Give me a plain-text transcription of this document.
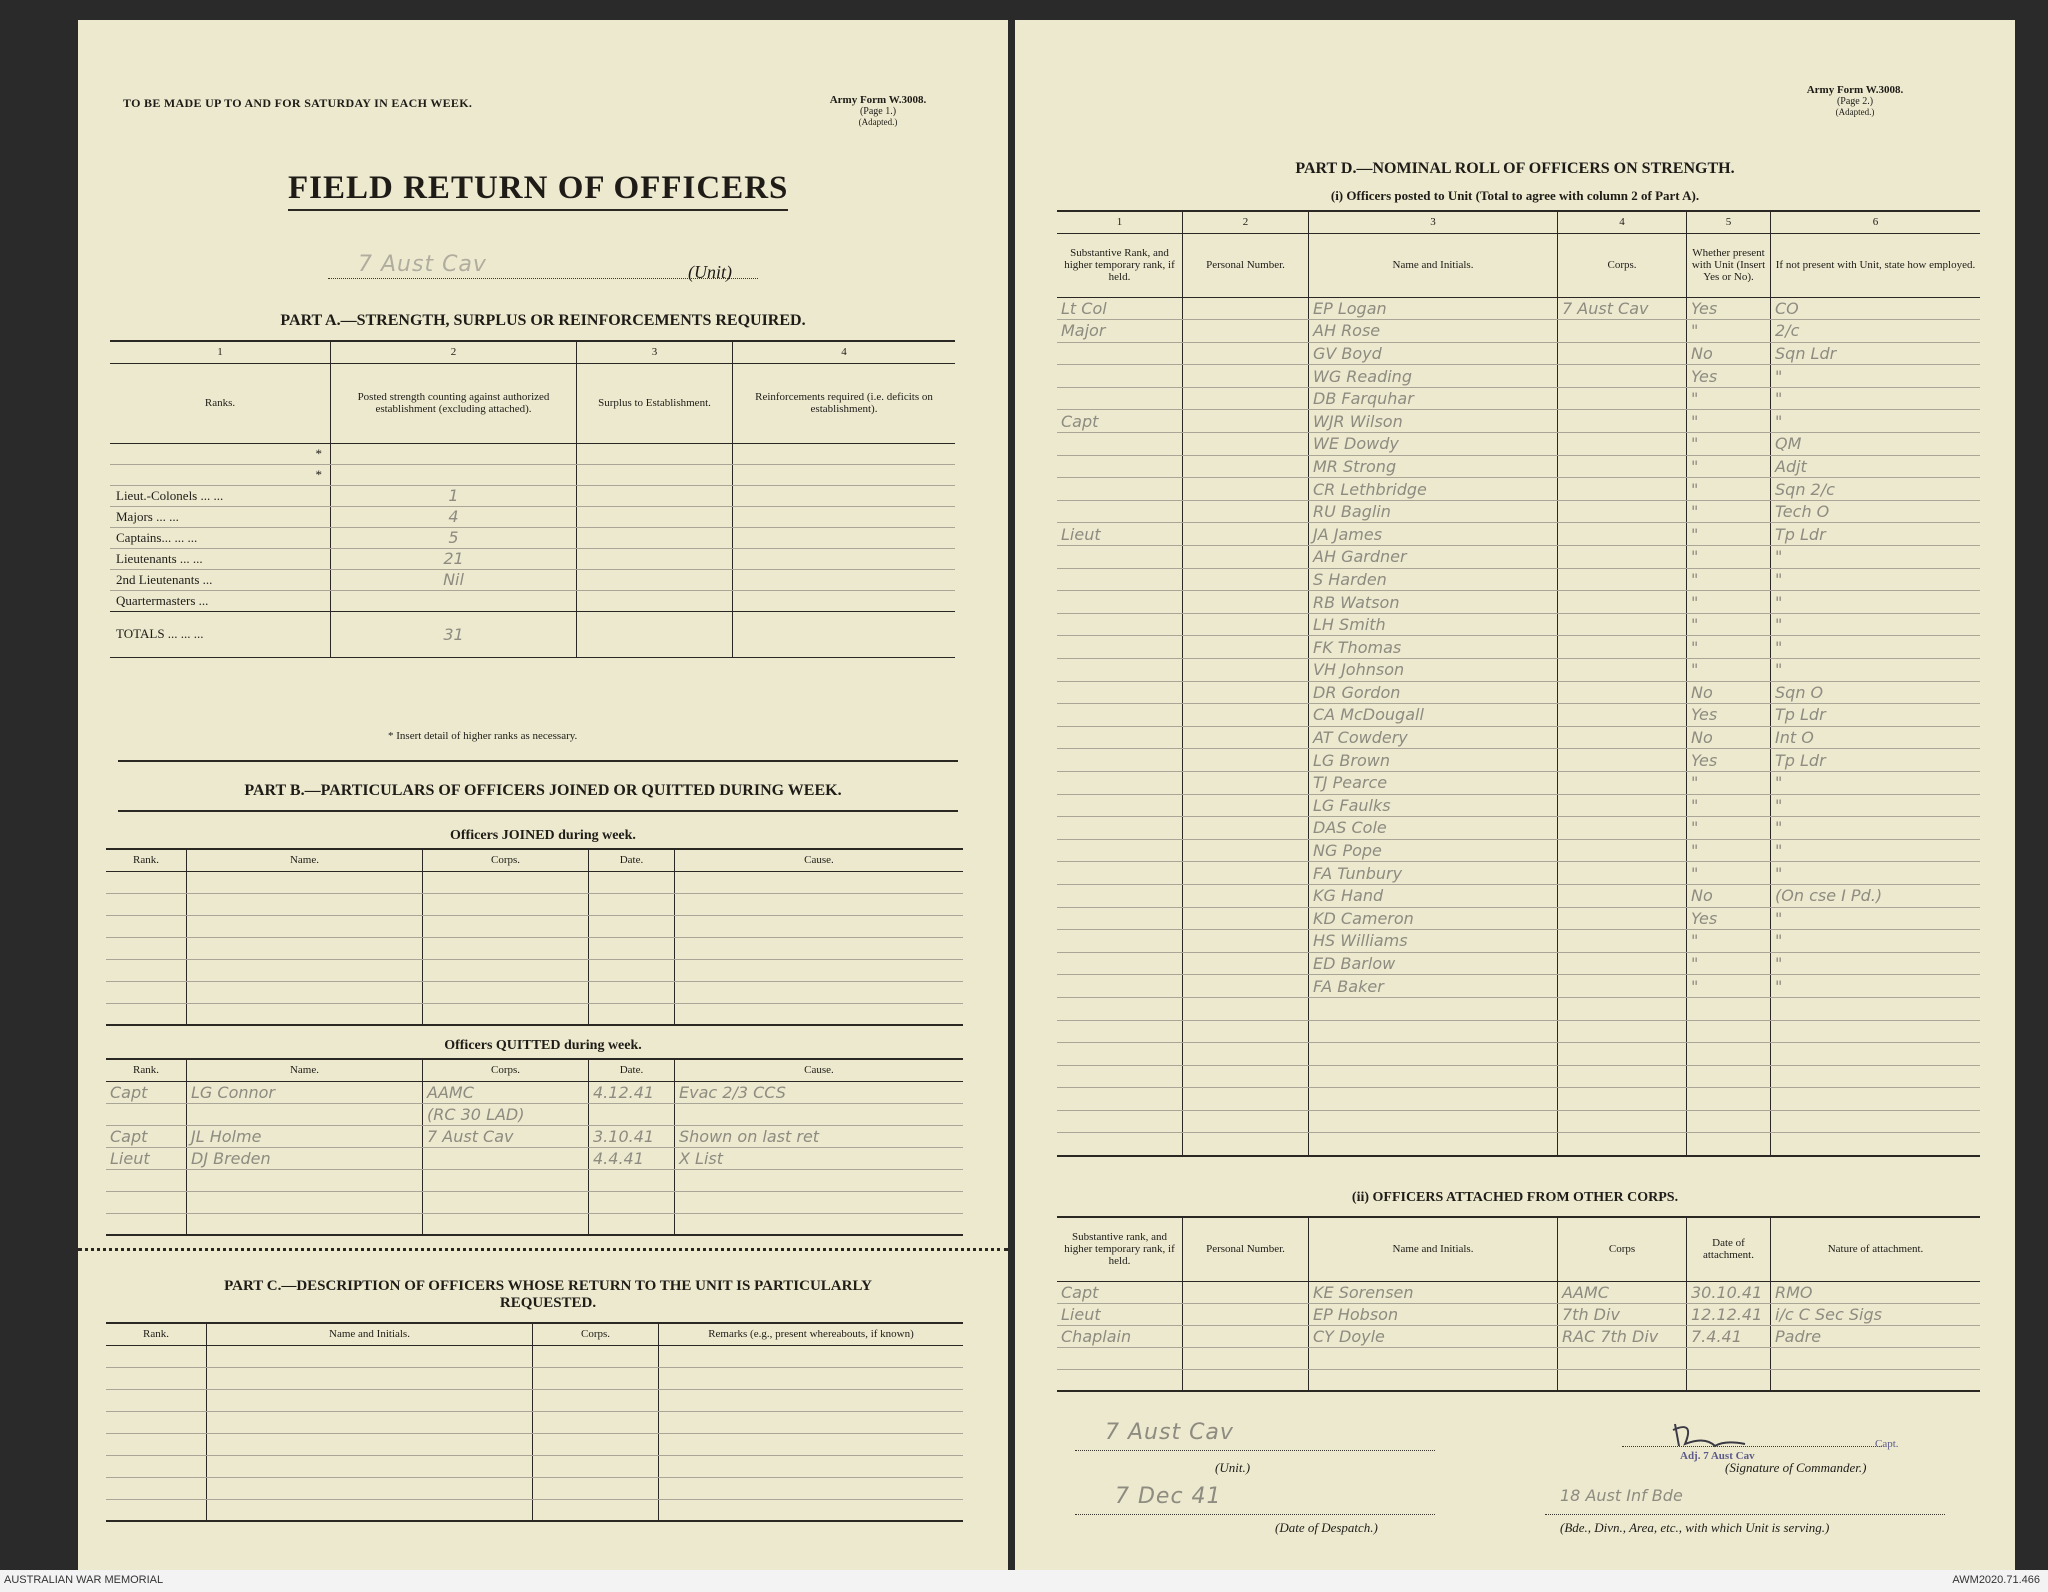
TO BE MADE UP TO AND FOR SATURDAY IN EACH WEEK.	Army Form W.3008.
(Page 1.)
(Adapted.)
FIELD RETURN OF OFFICERS
7 Aust Cav	(Unit)
PART A.—STRENGTH, SURPLUS OR REINFORCEMENTS REQUIRED.
1	2	3	4
Ranks.	Posted strength counting against authorized establishment (excluding attached).	Surplus to Establishment.	Reinforcements required (i.e. deficits on establishment).

*			

*			

Lieut.-Colonels ... ...	1		
Majors ... ...	4		
Captains... ... ...	5		
Lieutenants ... ...	21		
2nd Lieutenants ...	Nil		
Quartermasters ...

TOTALS ... ... ...	31		
* Insert detail of higher ranks as necessary.
PART B.—PARTICULARS OF OFFICERS JOINED OR QUITTED DURING WEEK.
Officers JOINED during week.
Rank.	Name.	Corps.	Date.	Cause.

Officers QUITTED during week.
Rank.	Name.	Corps.	Date.	Cause.
Capt	LG Connor	AAMC	4.12.41	Evac 2/3 CCS
		(RC 30 LAD)		
Capt	JL Holme	7 Aust Cav	3.10.41	Shown on last ret
Lieut	DJ Breden		4.4.41	X List

PART C.—DESCRIPTION OF OFFICERS WHOSE RETURN TO THE UNIT IS PARTICULARLY REQUESTED.
Rank.	Name and Initials.	Corps.	Remarks (e.g., present whereabouts, if known)

Army Form W.3008.
(Page 2.)
(Adapted.)
PART D.—NOMINAL ROLL OF OFFICERS ON STRENGTH.
(i) Officers posted to Unit (Total to agree with column 2 of Part A).
1	2	3	4	5	6
Substantive Rank, and higher temporary rank, if held.	Personal Number.	Name and Initials.	Corps.	Whether present with Unit (Insert Yes or No).	If not present with Unit, state how employed.
Lt Col		EP Logan	7 Aust Cav	Yes	CO
Major		AH Rose		"	2/c
		GV Boyd		No	Sqn Ldr
		WG Reading		Yes	"
		DB Farquhar		"	"
Capt		WJR Wilson		"	"
		WE Dowdy		"	QM
		MR Strong		"	Adjt
		CR Lethbridge		"	Sqn 2/c
		RU Baglin		"	Tech O
Lieut		JA James		"	Tp Ldr
		AH Gardner		"	"
		S Harden		"	"
		RB Watson		"	"
		LH Smith		"	"
		FK Thomas		"	"
		VH Johnson		"	"
		DR Gordon		No	Sqn O
		CA McDougall		Yes	Tp Ldr
		AT Cowdery		No	Int O
		LG Brown		Yes	Tp Ldr
		TJ Pearce		"	"
		LG Faulks		"	"
		DAS Cole		"	"
		NG Pope		"	"
		FA Tunbury		"	"
		KG Hand		No	(On cse I Pd.)
		KD Cameron		Yes	"
		HS Williams		"	"
		ED Barlow		"	"
		FA Baker		"	"

(ii) OFFICERS ATTACHED FROM OTHER CORPS.
Substantive rank, and higher temporary rank, if held.	Personal Number.	Name and Initials.	Corps	Date of attachment.	Nature of attachment.
Capt		KE Sorensen	AAMC	30.10.41	RMO
Lieut		EP Hobson	7th Div	12.12.41	i/c C Sec Sigs
Chaplain		CY Doyle	RAC 7th Div	7.4.41	Padre

7 Aust Cav
(Unit.)
Capt.
Adj. 7 Aust Cav
(Signature of Commander.)
7 Dec 41
(Date of Despatch.)
18 Aust Inf Bde
(Bde., Divn., Area, etc., with which Unit is serving.)
AUSTRALIAN WAR MEMORIAL	AWM2020.71.466
